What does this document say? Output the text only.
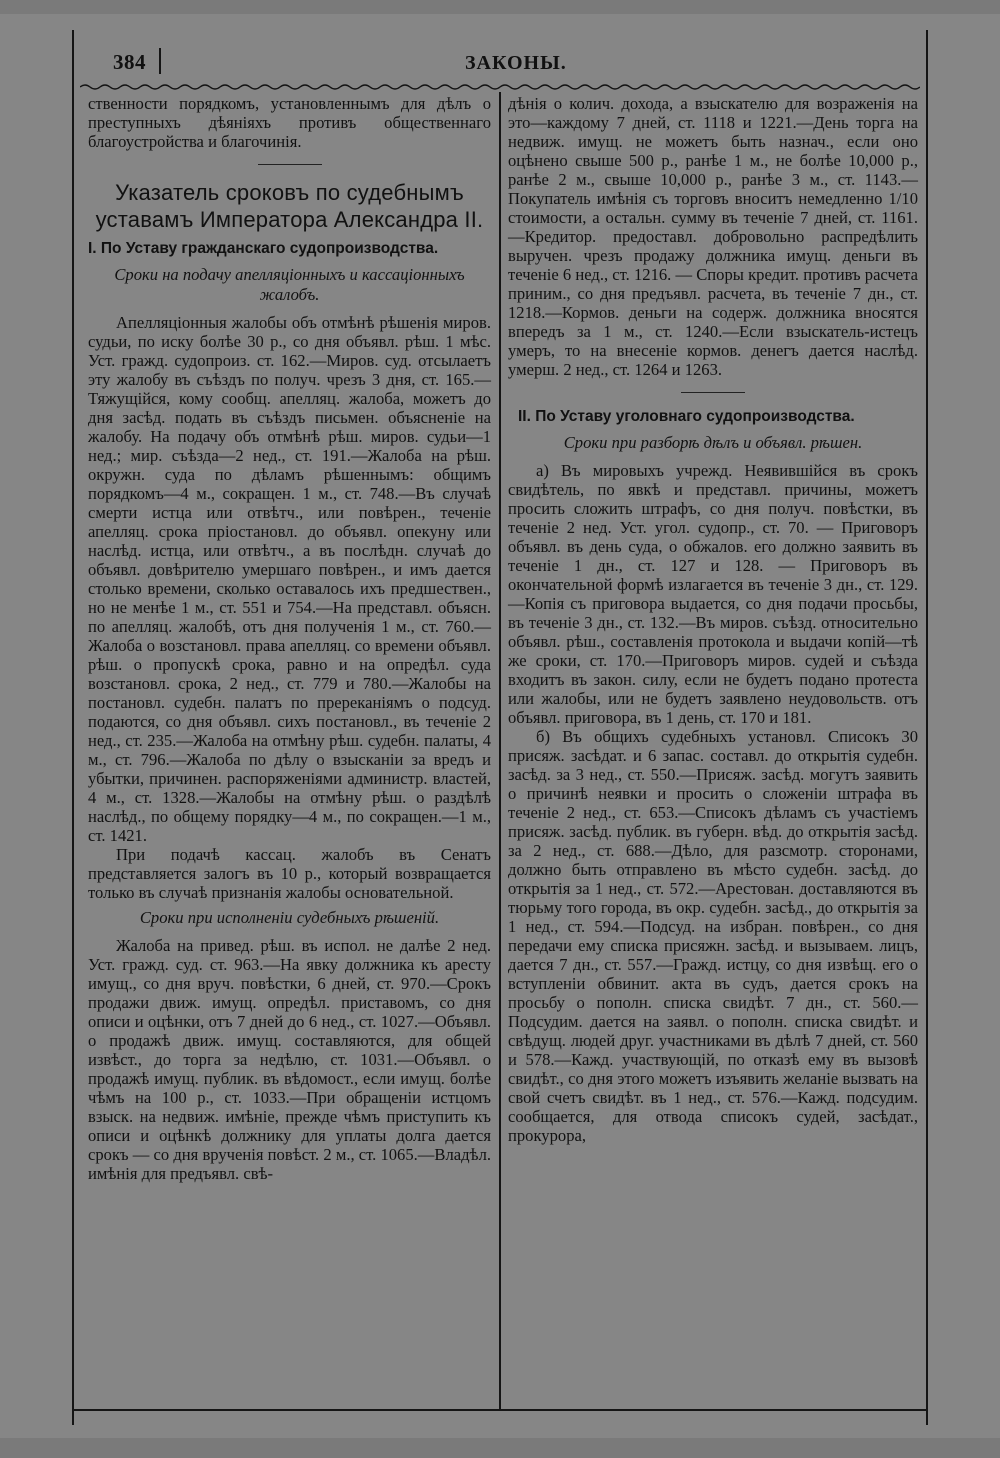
384	ЗАКОНЫ.

ственности порядкомъ, установленнымъ для дѣлъ о преступныхъ дѣяніяхъ противъ общественнаго благоустройства и благочинія.

Указатель сроковъ по судебнымъ уставамъ Императора Александра II.
I. По Уставу гражданскаго судопроизводства.
Сроки на подачу апелляціонныхъ и кассаціонныхъ жалобъ.

Апелляціонныя жалобы объ отмѣнѣ рѣшенія миров. судьи, по иску болѣе 30 р., со дня объявл. рѣш. 1 мѣс. Уст. гражд. судопроиз. ст. 162.—Миров. суд. отсылаетъ эту жалобу въ съѣздъ по получ. чрезъ 3 дня, ст. 165.—Тяжущійся, кому сообщ. апелляц. жалоба, можетъ до дня засѣд. подать въ съѣздъ письмен. объясненіе на жалобу. На подачу объ отмѣнѣ рѣш. миров. судьи—1 нед.; мир. съѣзда—2 нед., ст. 191.—Жалоба на рѣш. окружн. суда по дѣламъ рѣшеннымъ: общимъ порядкомъ—4 м., сокращен. 1 м., ст. 748.—Въ случаѣ смерти истца или отвѣтч., или повѣрен., теченіе апелляц. срока пріостановл. до объявл. опекуну или наслѣд. истца, или отвѣтч., а въ послѣдн. случаѣ до объявл. довѣрителю умершаго повѣрен., и имъ дается столько времени, сколько оставалось ихъ предшествен., но не менѣе 1 м., ст. 551 и 754.—На представл. объясн. по апелляц. жалобѣ, отъ дня полученія 1 м., ст. 760.—Жалоба о возстановл. права апелляц. со времени объявл. рѣш. о пропускѣ срока, равно и на опредѣл. суда возстановл. срока, 2 нед., ст. 779 и 780.—Жалобы на постановл. судебн. палатъ по пререканіямъ о подсуд. подаются, со дня объявл. сихъ постановл., въ теченіе 2 нед., ст. 235.—Жалоба на отмѣну рѣш. судебн. палаты, 4 м., ст. 796.—Жалоба по дѣлу о взысканіи за вредъ и убытки, причинен. распоряженіями администр. властей, 4 м., ст. 1328.—Жалобы на отмѣну рѣш. о раздѣлѣ наслѣд., по общему порядку—4 м., по сокращен.—1 м., ст. 1421.

При подачѣ кассац. жалобъ въ Сенатъ представляется залогъ въ 10 р., который возвращается только въ случаѣ признанія жалобы основательной.

Сроки при исполненіи судебныхъ рѣшеній.

Жалоба на привед. рѣш. въ испол. не далѣе 2 нед. Уст. гражд. суд. ст. 963.—На явку должника къ аресту имущ., со дня вруч. повѣстки, 6 дней, ст. 970.—Срокъ продажи движ. имущ. опредѣл. приставомъ, со дня описи и оцѣнки, отъ 7 дней до 6 нед., ст. 1027.—Объявл. о продажѣ движ. имущ. составляются, для общей извѣст., до торга за недѣлю, ст. 1031.—Объявл. о продажѣ имущ. публик. въ вѣдомост., если имущ. болѣе чѣмъ на 100 р., ст. 1033.—При обращеніи истцомъ взыск. на недвиж. имѣніе, прежде чѣмъ приступить къ описи и оцѣнкѣ должнику для уплаты долга дается срокъ — со дня врученія повѣст. 2 м., ст. 1065.—Владѣл. имѣнія для предъявл. свѣ-

дѣнія о колич. дохода, а взыскателю для возраженія на это—каждому 7 дней, ст. 1118 и 1221.—День торга на недвиж. имущ. не можетъ быть назнач., если оно оцѣнено свыше 500 р., ранѣе 1 м., не болѣе 10,000 р., ранѣе 2 м., свыше 10,000 р., ранѣе 3 м., ст. 1143.—Покупатель имѣнія съ торговъ вноситъ немедленно 1/10 стоимости, а остальн. сумму въ теченіе 7 дней, ст. 1161.—Кредитор. предоставл. добровольно распредѣлить выручен. чрезъ продажу должника имущ. деньги въ теченіе 6 нед., ст. 1216. — Споры кредит. противъ расчета приним., со дня предъявл. расчета, въ теченіе 7 дн., ст. 1218.—Кормов. деньги на содерж. должника вносятся впередъ за 1 м., ст. 1240.—Если взыскатель-истецъ умеръ, то на внесеніе кормов. денегъ дается наслѣд. умерш. 2 нед., ст. 1264 и 1263.

II. По Уставу уголовнаго судопроизводства.
Сроки при разборѣ дѣлъ и объявл. рѣшен.

а) Въ мировыхъ учрежд. Неявившійся въ срокъ свидѣтель, по явкѣ и представл. причины, можетъ просить сложить штрафъ, со дня получ. повѣстки, въ теченіе 2 нед. Уст. угол. судопр., ст. 70. — Приговоръ объявл. въ день суда, о обжалов. его должно заявить въ теченіе 1 дн., ст. 127 и 128. — Приговоръ въ окончательной формѣ излагается въ теченіе 3 дн., ст. 129.—Копія съ приговора выдается, со дня подачи просьбы, въ теченіе 3 дн., ст. 132.—Въ миров. съѣзд. относительно объявл. рѣш., составленія протокола и выдачи копій—тѣ же сроки, ст. 170.—Приговоръ миров. судей и съѣзда входитъ въ закон. силу, если не будетъ подано протеста или жалобы, или не будетъ заявлено неудовольств. отъ объявл. приговора, въ 1 день, ст. 170 и 181.

б) Въ общихъ судебныхъ установл. Списокъ 30 присяж. засѣдат. и 6 запас. составл. до открытія судебн. засѣд. за 3 нед., ст. 550.—Присяж. засѣд. могутъ заявить о причинѣ неявки и просить о сложеніи штрафа въ теченіе 2 нед., ст. 653.—Списокъ дѣламъ съ участіемъ присяж. засѣд. публик. въ губерн. вѣд. до открытія засѣд. за 2 нед., ст. 688.—Дѣло, для разсмотр. сторонами, должно быть отправлено въ мѣсто судебн. засѣд. до открытія за 1 нед., ст. 572.—Арестован. доставляются въ тюрьму того города, въ окр. судебн. засѣд., до открытія за 1 нед., ст. 594.—Подсуд. на избран. повѣрен., со дня передачи ему списка присяжн. засѣд. и вызываем. лицъ, дается 7 дн., ст. 557.—Гражд. истцу, со дня извѣщ. его о вступленіи обвинит. акта въ судъ, дается срокъ на просьбу о пополн. списка свидѣт. 7 дн., ст. 560.—Подсудим. дается на заявл. о пополн. списка свидѣт. и свѣдущ. людей друг. участниками въ дѣлѣ 7 дней, ст. 560 и 578.—Кажд. участвующій, по отказѣ ему въ вызовѣ свидѣт., со дня этого можетъ изъявить желаніе вызвать на свой счетъ свидѣт. въ 1 нед., ст. 576.—Кажд. подсудим. сообщается, для отвода списокъ судей, засѣдат., прокурора,
